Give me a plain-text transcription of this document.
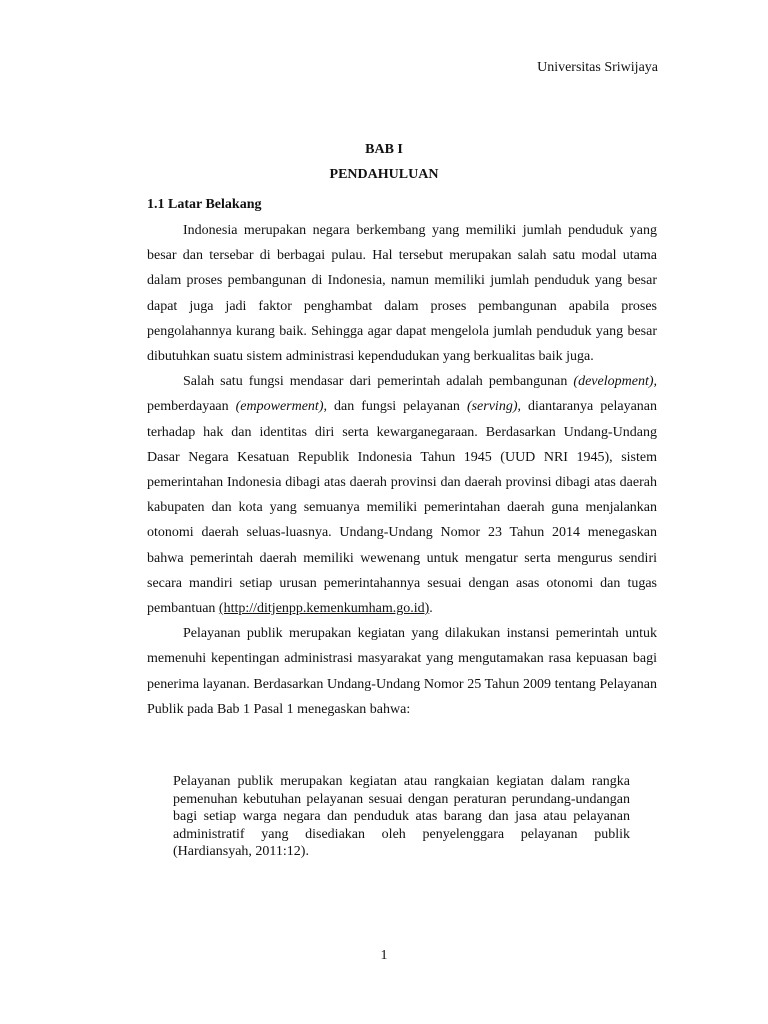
Universitas Sriwijaya
BAB I
PENDAHULUAN
1.1 Latar Belakang

Indonesia merupakan negara berkembang yang memiliki jumlah penduduk yang besar dan tersebar di berbagai pulau. Hal tersebut merupakan salah satu modal utama dalam proses pembangunan di Indonesia, namun memiliki jumlah penduduk yang besar dapat juga jadi faktor penghambat dalam proses pembangunan apabila proses pengolahannya kurang baik. Sehingga agar dapat mengelola jumlah penduduk yang besar dibutuhkan suatu sistem administrasi kependudukan yang berkualitas baik juga.

Salah satu fungsi mendasar dari pemerintah adalah pembangunan (development), pemberdayaan (empowerment), dan fungsi pelayanan (serving), diantaranya pelayanan terhadap hak dan identitas diri serta kewarganegaraan. Berdasarkan Undang-Undang Dasar Negara Kesatuan Republik Indonesia Tahun 1945 (UUD NRI 1945), sistem pemerintahan Indonesia dibagi atas daerah provinsi dan daerah provinsi dibagi atas daerah kabupaten dan kota yang semuanya memiliki pemerintahan daerah guna menjalankan otonomi daerah seluas-luasnya. Undang-Undang Nomor 23 Tahun 2014 menegaskan bahwa pemerintah daerah memiliki wewenang untuk mengatur serta mengurus sendiri secara mandiri setiap urusan pemerintahannya sesuai dengan asas otonomi dan tugas pembantuan (http://ditjenpp.kemenkumham.go.id).

Pelayanan publik merupakan kegiatan yang dilakukan instansi pemerintah untuk memenuhi kepentingan administrasi masyarakat yang mengutamakan rasa kepuasan bagi penerima layanan. Berdasarkan Undang-Undang Nomor 25 Tahun 2009 tentang Pelayanan Publik pada Bab 1 Pasal 1 menegaskan bahwa:

Pelayanan publik merupakan kegiatan atau rangkaian kegiatan dalam rangka pemenuhan kebutuhan pelayanan sesuai dengan peraturan perundang-undangan bagi setiap warga negara dan penduduk atas barang dan jasa atau pelayanan administratif yang disediakan oleh penyelenggara pelayanan publik (Hardiansyah, 2011:12).
1
